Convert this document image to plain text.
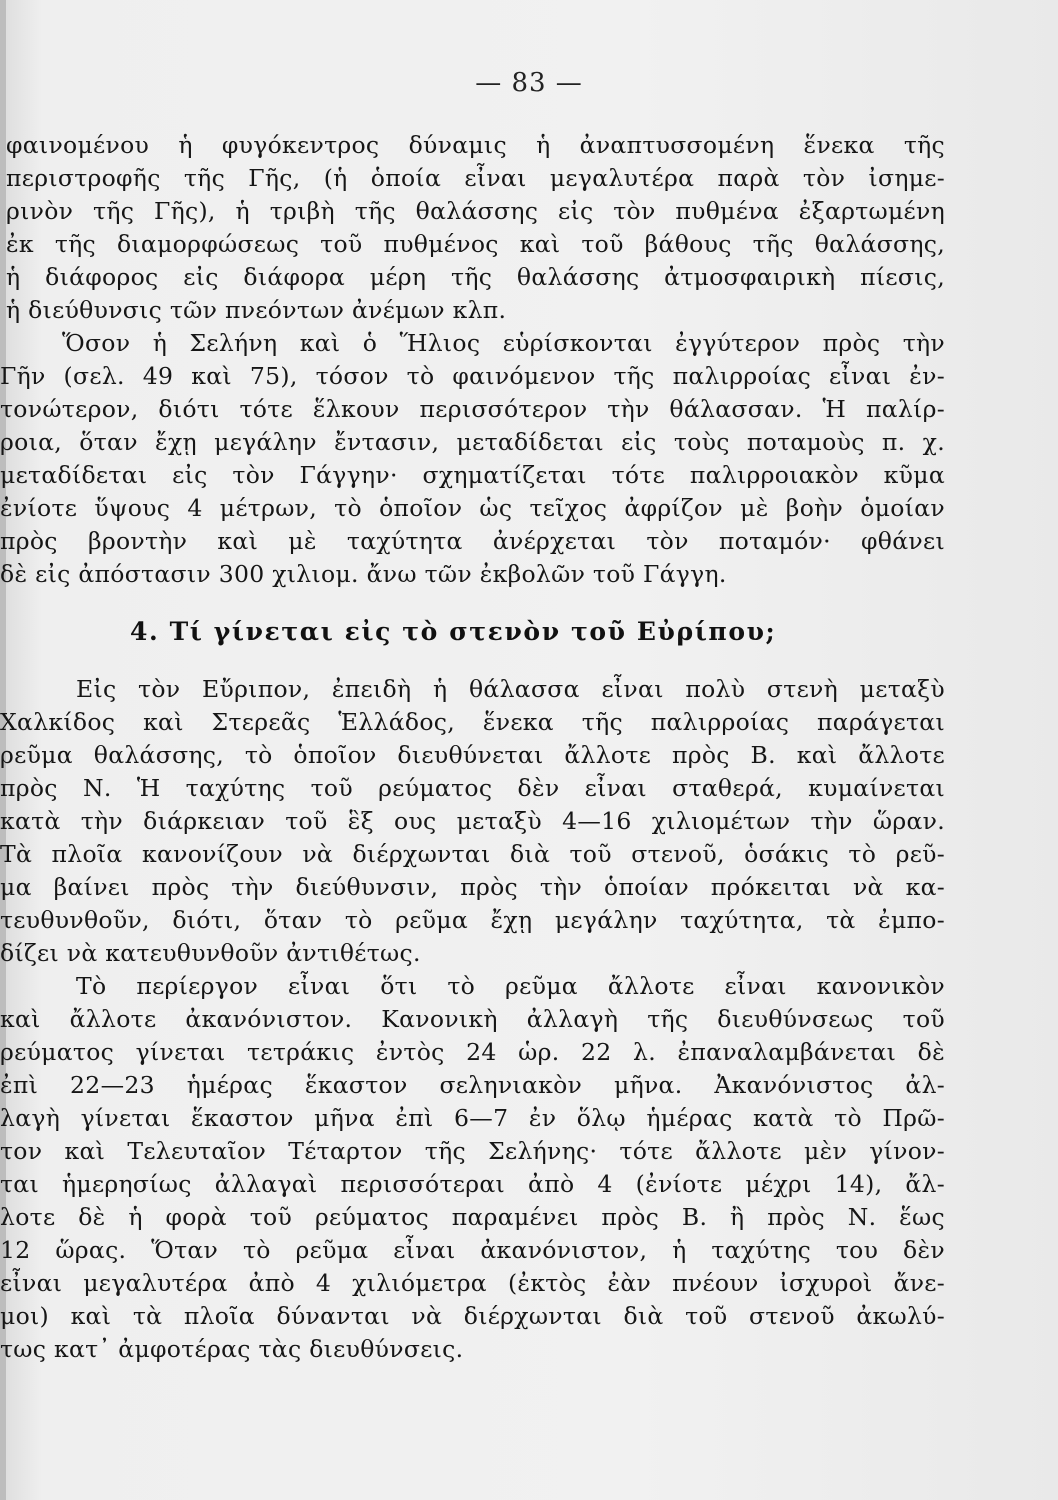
— 83 —
φαινομένου ἡ φυγόκεντρος δύναμις ἡ ἀναπτυσσομένη ἕνεκα τῆς
περιστροφῆς τῆς Γῆς, (ἡ ὁποία εἶναι μεγαλυτέρα παρὰ τὸν ἰσημε-
ρινὸν τῆς Γῆς), ἡ τριβὴ τῆς θαλάσσης εἰς τὸν πυθμένα ἐξαρτωμένη
ἐκ τῆς διαμορφώσεως τοῦ πυθμένος καὶ τοῦ βάθους τῆς θαλάσσης,
ἡ διάφορος εἰς διάφορα μέρη τῆς θαλάσσης ἀτμοσφαιρικὴ πίεσις,
ἡ διεύθυνσις τῶν πνεόντων ἀνέμων κλπ.
Ὅσον ἡ Σελήνη καὶ ὁ Ἥλιος εὑρίσκονται ἐγγύτερον πρὸς τὴν
Γῆν (σελ. 49 καὶ 75), τόσον τὸ φαινόμενον τῆς παλιρροίας εἶναι ἐν-
τονώτερον, διότι τότε ἕλκουν περισσότερον τὴν θάλασσαν. Ἡ παλίρ-
ροια, ὅταν ἔχῃ μεγάλην ἔντασιν, μεταδίδεται εἰς τοὺς ποταμοὺς π. χ.
μεταδίδεται εἰς τὸν Γάγγην· σχηματίζεται τότε παλιρροιακὸν κῦμα
ἐνίοτε ὕψους 4 μέτρων, τὸ ὁποῖον ὡς τεῖχος ἀφρίζον μὲ βοὴν ὁμοίαν
πρὸς βροντὴν καὶ μὲ ταχύτητα ἀνέρχεται τὸν ποταμόν· φθάνει
δὲ εἰς ἀπόστασιν 300 χιλιομ. ἄνω τῶν ἐκβολῶν τοῦ Γάγγη.
4. Τί γίνεται εἰς τὸ στενὸν τοῦ Εὐρίπου;
Εἰς τὸν Εὔριπον, ἐπειδὴ ἡ θάλασσα εἶναι πολὺ στενὴ μεταξὺ
Χαλκίδος καὶ Στερεᾶς Ἑλλάδος, ἕνεκα τῆς παλιρροίας παράγεται
ρεῦμα θαλάσσης, τὸ ὁποῖον διευθύνεται ἄλλοτε πρὸς Β. καὶ ἄλλοτε
πρὸς Ν. Ἡ ταχύτης τοῦ ρεύματος δὲν εἶναι σταθερά, κυμαίνεται
κατὰ τὴν διάρκειαν τοῦ ἓξ ους μεταξὺ 4—16 χιλιομέτων τὴν ὥραν.
Τὰ πλοῖα κανονίζουν νὰ διέρχωνται διὰ τοῦ στενοῦ, ὁσάκις τὸ ρεῦ-
μα βαίνει πρὸς τὴν διεύθυνσιν, πρὸς τὴν ὁποίαν πρόκειται νὰ κα-
τευθυνθοῦν, διότι, ὅταν τὸ ρεῦμα ἔχῃ μεγάλην ταχύτητα, τὰ ἐμπο-
δίζει νὰ κατευθυνθοῦν ἀντιθέτως.
Τὸ περίεργον εἶναι ὅτι τὸ ρεῦμα ἄλλοτε εἶναι κανονικὸν
καὶ ἄλλοτε ἀκανόνιστον. Κανονικὴ ἀλλαγὴ τῆς διευθύνσεως τοῦ
ρεύματος γίνεται τετράκις ἐντὸς 24 ὡρ. 22 λ. ἐπαναλαμβάνεται δὲ
ἐπὶ 22—23 ἡμέρας ἕκαστον σεληνιακὸν μῆνα. Ἀκανόνιστος ἀλ-
λαγὴ γίνεται ἕκαστον μῆνα ἐπὶ 6—7 ἐν ὅλῳ ἡμέρας κατὰ τὸ Πρῶ-
τον καὶ Τελευταῖον Τέταρτον τῆς Σελήνης· τότε ἄλλοτε μὲν γίνον-
ται ἡμερησίως ἀλλαγαὶ περισσότεραι ἀπὸ 4 (ἐνίοτε μέχρι 14), ἄλ-
λοτε δὲ ἡ φορὰ τοῦ ρεύματος παραμένει πρὸς Β. ἢ πρὸς Ν. ἕως
12 ὥρας. Ὅταν τὸ ρεῦμα εἶναι ἀκανόνιστον, ἡ ταχύτης του δὲν
εἶναι μεγαλυτέρα ἀπὸ 4 χιλιόμετρα (ἐκτὸς ἐὰν πνέουν ἰσχυροὶ ἄνε-
μοι) καὶ τὰ πλοῖα δύνανται νὰ διέρχωνται διὰ τοῦ στενοῦ ἀκωλύ-
τως κατ᾿ ἀμφοτέρας τὰς διευθύνσεις.
